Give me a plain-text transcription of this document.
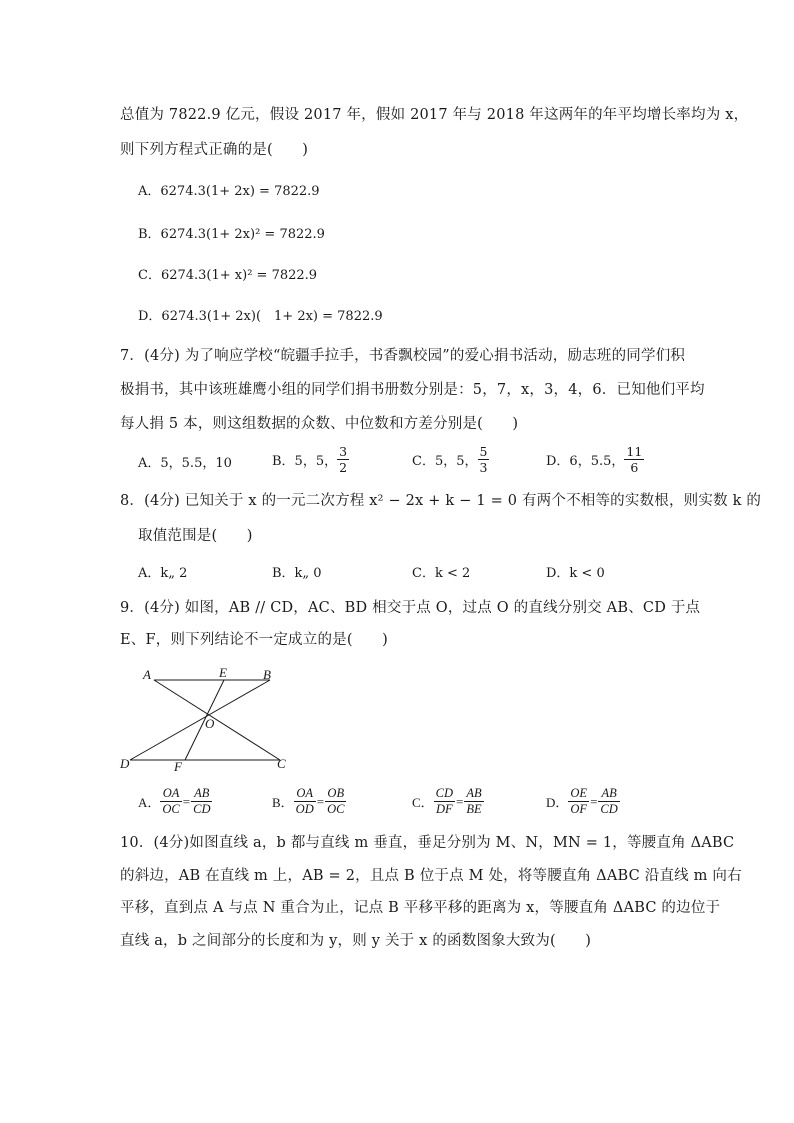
总值为 7822.9 亿元，假设 2017 年，假如 2017 年与 2018 年这两年的年平均增长率均为 x，
则下列方程式正确的是(　　)
A．6274.3(1+ 2x) = 7822.9
B．6274.3(1+ 2x)² = 7822.9
C．6274.3(1+ x)² = 7822.9
D．6274.3(1+ 2x)(　1+ 2x) = 7822.9
7．(4分) 为了响应学校“皖疆手拉手，书香飘校园”的爱心捐书活动，励志班的同学们积
极捐书，其中该班雄鹰小组的同学们捐书册数分别是：5，7，x，3，4，6．已知他们平均
每人捐 5 本，则这组数据的众数、中位数和方差分别是(　　)
A．5，5.5，10	B．5，5， $\frac{3}{2}$	C．5，5， $\frac{5}{3}$	D．6，5.5， $\frac{11}{6}$
8．(4分) 已知关于 x 的一元二次方程 x² − 2x + k − 1 = 0 有两个不相等的实数根，则实数 k 的
取值范围是(　　)
A．k„ 2	B．k„ 0	C．k < 2	D．k < 0
9．(4分) 如图，AB // CD，AC、BD 相交于点 O，过点 O 的直线分别交 AB、CD 于点
E、F，则下列结论不一定成立的是(　　)
A	E	B
O
D	F	C
A． $\frac{OA}{OC} = \frac{AB}{CD}$	B． $\frac{OA}{OD} = \frac{OB}{OC}$	C． $\frac{CD}{DF} = \frac{AB}{BE}$	D． $\frac{OE}{OF} = \frac{AB}{CD}$
10．(4分)如图直线 a，b 都与直线 m 垂直，垂足分别为 M、N，MN = 1，等腰直角 ΔABC
的斜边，AB 在直线 m 上，AB = 2，且点 B 位于点 M 处，将等腰直角 ΔABC 沿直线 m 向右
平移，直到点 A 与点 N 重合为止，记点 B 平移平移的距离为 x，等腰直角 ΔABC 的边位于
直线 a，b 之间部分的长度和为 y，则 y 关于 x 的函数图象大致为(　　)
